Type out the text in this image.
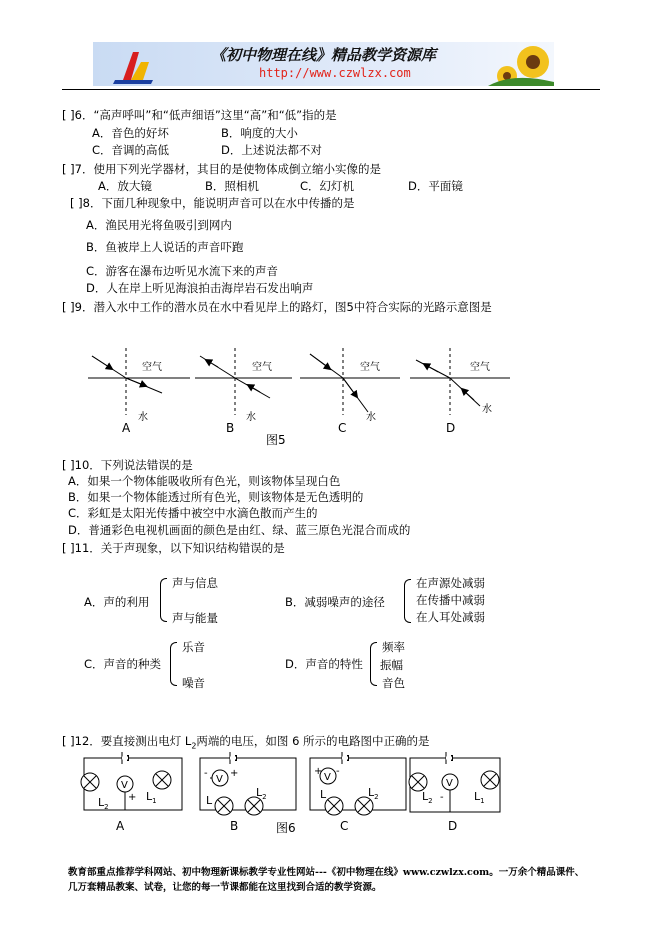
《初中物理在线》精品教学资源库
http://www.czwlzx.com
[ ]6．“高声呼叫”和“低声细语”这里“高”和“低”指的是
A．音色的好坏	B．响度的大小
C．音调的高低	D．上述说法都不对
[ ]7．使用下列光学器材，其目的是使物体成倒立缩小实像的是
A．放大镜	B．照相机	C．幻灯机	D．平面镜
[ ]8．下面几种现象中，能说明声音可以在水中传播的是
A．渔民用光将鱼吸引到网内
B．鱼被岸上人说话的声音吓跑
C．游客在瀑布边听见水流下来的声音
D．人在岸上听见海浪拍击海岸岩石发出响声
[ ]9．潜入水中工作的潜水员在水中看见岸上的路灯，图5中符合实际的光路示意图是
空气
水
A
空气
水
B
空气
水
C
空气
水
D
图5
[ ]10．下列说法错误的是
A．如果一个物体能吸收所有色光，则该物体呈现白色
B．如果一个物体能透过所有色光，则该物体是无色透明的
C．彩虹是太阳光传播中被空中水滴色散而产生的
D．普通彩色电视机画面的颜色是由红、绿、蓝三原色光混合而成的
[ ]11．关于声现象，以下知识结构错误的是
A．声的利用
声与信息
声与能量
B．减弱噪声的途径
在声源处减弱
在传播中减弱
在人耳处减弱
C．声音的种类
乐音
噪音
D．声音的特性
频率
振幅
音色
[ ]12．要直接测出电灯 $L_2$两端的电压，如图 6 所示的电路图中正确的是
V
V	V
V
+
- +	+ -
-
$L_2$
$L_1$	L
$L_2$	L	$L_2$	$L_2$	$L_1$
A	B	C	D
图6
教育部重点推荐学科网站、初中物理新课标教学专业性网站---《初中物理在线》www.czwlzx.com。一万余个精品课件、
几万套精品教案、试卷，让您的每一节课都能在这里找到合适的教学资源。
